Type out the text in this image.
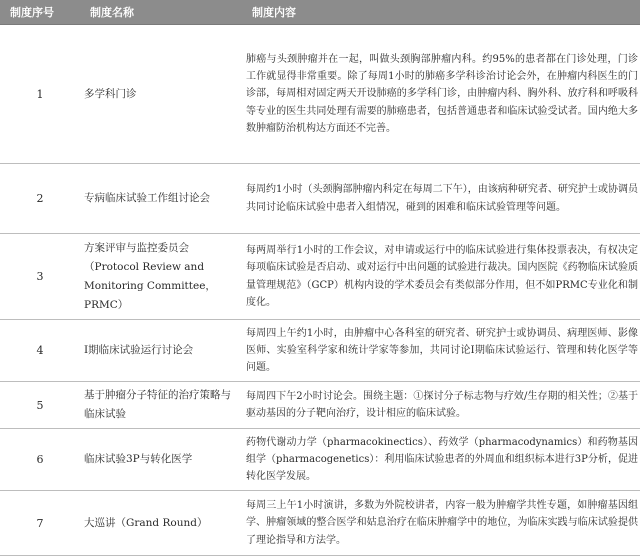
制度序号	制度名称	制度内容
1	多学科门诊	肺癌与头颈肿瘤并在一起，叫做头颈胸部肿瘤内科。约95%的患者都在门诊处理，门诊工作就显得非常重要。除了每周1小时的肺癌多学科诊治讨论会外，在肿瘤内科医生的门诊部，每周相对固定两天开设肺癌的多学科门诊，由肿瘤内科、胸外科、放疗科和呼吸科等专业的医生共同处理有需要的肺癌患者，包括普通患者和临床试验受试者。国内绝大多数肿瘤防治机构达方面还不完善。
2	专病临床试验工作组讨论会	每周约1小时（头颈胸部肿瘤内科定在每周二下午），由该病种研究者、研究护士或协调员共同讨论临床试验中患者入组情况，碰到的困难和临床试验管理等问题。
3	方案评审与监控委员会（Protocol Review and Monitoring Committee，PRMC）	每两周举行1小时的工作会议，对申请或运行中的临床试验进行集体投票表决，有权决定每项临床试验是否启动、或对运行中出问题的试验进行裁决。国内医院《药物临床试验质量管理规范》（GCP）机构内设的学术委员会有类似部分作用，但不如PRMC专业化和制度化。
4	Ⅰ期临床试验运行讨论会	每周四上午约1小时，由肿瘤中心各科室的研究者、研究护士或协调员、病理医师、影像医师、实验室科学家和统计学家等参加，共同讨论Ⅰ期临床试验运行、管理和转化医学等问题。
5	基于肿瘤分子特征的治疗策略与临床试验	每周四下午2小时讨论会。围绕主题：①探讨分子标志物与疗效/生存期的相关性；②基于驱动基因的分子靶向治疗，设计相应的临床试验。
6	临床试验3P与转化医学	药物代谢动力学（pharmacokinectics）、药效学（pharmacodynamics）和药物基因组学（pharmacogenetics）：利用临床试验患者的外周血和组织标本进行3P分析，促进转化医学发展。
7	大巡讲（Grand Round）	每周三上午1小时演讲，多数为外院校讲者，内容一般为肿瘤学共性专题，如肿瘤基因组学、肿瘤领域的整合医学和姑息治疗在临床肿瘤学中的地位，为临床实践与临床试验提供了理论指导和方法学。
